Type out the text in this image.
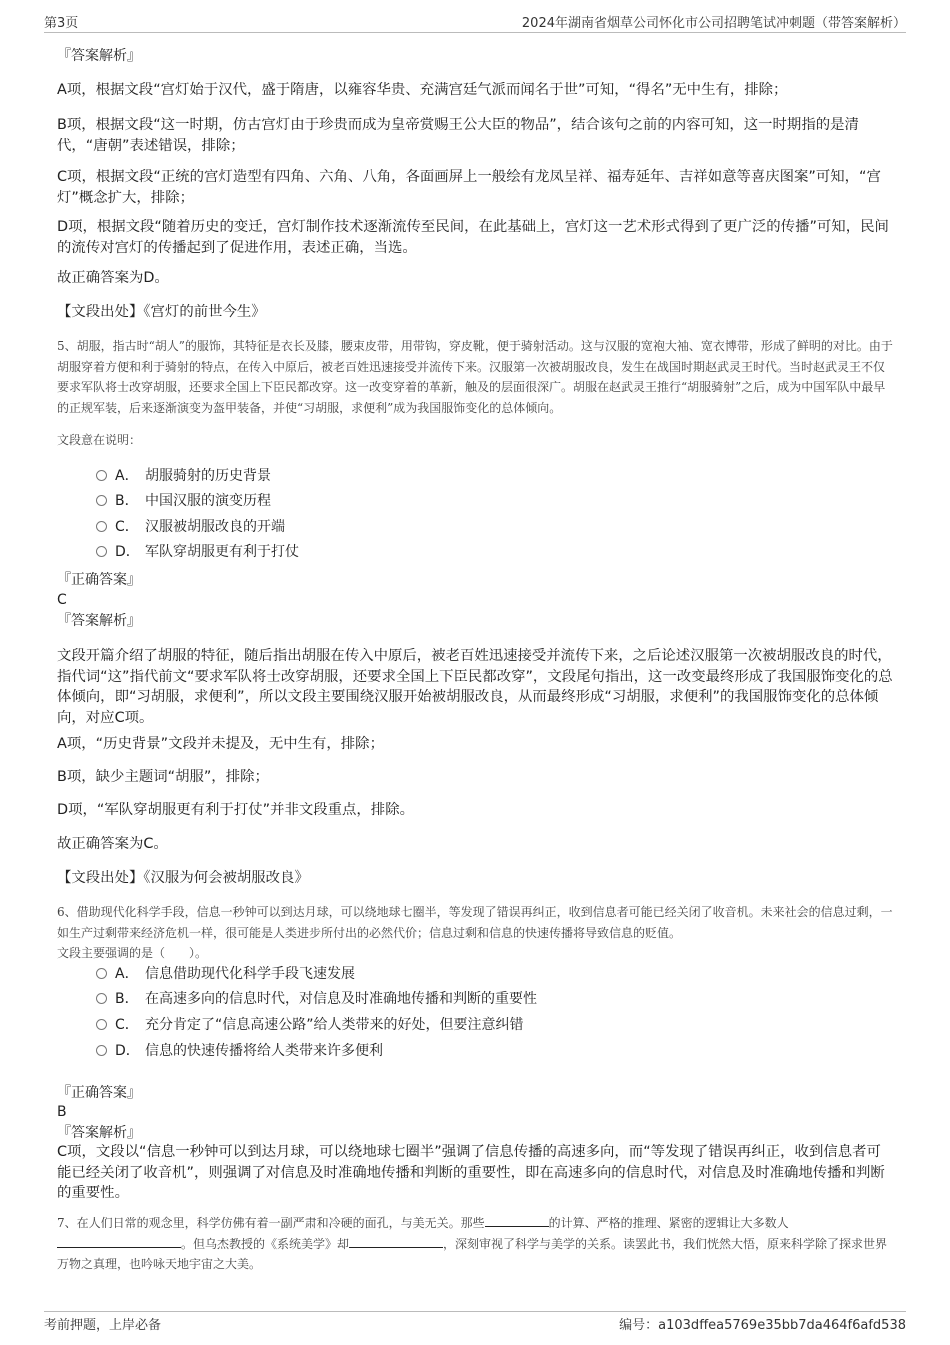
第3页	2024年湖南省烟草公司怀化市公司招聘笔试冲刺题（带答案解析）
『答案解析』
A项，根据文段“宫灯始于汉代，盛于隋唐，以雍容华贵、充满宫廷气派而闻名于世”可知，“得名”无中生有，排除；
B项，根据文段“这一时期，仿古宫灯由于珍贵而成为皇帝赏赐王公大臣的物品”，结合该句之前的内容可知，这一时期指的是清代，“唐朝”表述错误，排除；
C项，根据文段“正统的宫灯造型有四角、六角、八角，各面画屏上一般绘有龙凤呈祥、福寿延年、吉祥如意等喜庆图案”可知，“宫灯”概念扩大，排除；
D项，根据文段“随着历史的变迁，宫灯制作技术逐渐流传至民间，在此基础上，宫灯这一艺术形式得到了更广泛的传播”可知，民间的流传对宫灯的传播起到了促进作用，表述正确，当选。
故正确答案为D。
【文段出处】《宫灯的前世今生》
5、胡服，指古时“胡人”的服饰，其特征是衣长及膝，腰束皮带，用带钩，穿皮靴，便于骑射活动。这与汉服的宽袍大袖、宽衣博带，形成了鲜明的对比。由于胡服穿着方便和利于骑射的特点，在传入中原后，被老百姓迅速接受并流传下来。汉服第一次被胡服改良，发生在战国时期赵武灵王时代。当时赵武灵王不仅要求军队将士改穿胡服，还要求全国上下臣民都改穿。这一改变穿着的革新，触及的层面很深广。胡服在赵武灵王推行“胡服骑射”之后，成为中国军队中最早的正规军装，后来逐渐演变为盔甲装备，并使“习胡服，求便利”成为我国服饰变化的总体倾向。
文段意在说明：
A． 胡服骑射的历史背景
B． 中国汉服的演变历程
C． 汉服被胡服改良的开端
D． 军队穿胡服更有利于打仗
『正确答案』
C
『答案解析』
文段开篇介绍了胡服的特征，随后指出胡服在传入中原后，被老百姓迅速接受并流传下来，之后论述汉服第一次被胡服改良的时代，指代词“这”指代前文“要求军队将士改穿胡服，还要求全国上下臣民都改穿”，文段尾句指出，这一改变最终形成了我国服饰变化的总体倾向，即“习胡服，求便利”，所以文段主要围绕汉服开始被胡服改良，从而最终形成“习胡服，求便利”的我国服饰变化的总体倾向，对应C项。
A项，“历史背景”文段并未提及，无中生有，排除；
B项，缺少主题词“胡服”，排除；
D项，“军队穿胡服更有利于打仗”并非文段重点，排除。
故正确答案为C。
【文段出处】《汉服为何会被胡服改良》
6、借助现代化科学手段，信息一秒钟可以到达月球，可以绕地球七圈半，等发现了错误再纠正，收到信息者可能已经关闭了收音机。未来社会的信息过剩，一如生产过剩带来经济危机一样，很可能是人类进步所付出的必然代价；信息过剩和信息的快速传播将导致信息的贬值。
文段主要强调的是（　　）。
A． 信息借助现代化科学手段飞速发展
B． 在高速多向的信息时代，对信息及时准确地传播和判断的重要性
C． 充分肯定了“信息高速公路”给人类带来的好处，但要注意纠错
D． 信息的快速传播将给人类带来许多便利
『正确答案』
B
『答案解析』
C项，文段以“信息一秒钟可以到达月球，可以绕地球七圈半”强调了信息传播的高速多向，而“等发现了错误再纠正，收到信息者可能已经关闭了收音机”，则强调了对信息及时准确地传播和判断的重要性，即在高速多向的信息时代，对信息及时准确地传播和判断的重要性。
7、在人们日常的观念里，科学仿佛有着一副严肃和冷硬的面孔，与美无关。那些	的计算、严格的推理、紧密的逻辑让大多数人。但乌杰教授的《系统美学》却	，深刻审视了科学与美学的关系。读罢此书，我们恍然大悟，原来科学除了探求世界万物之真理，也吟咏天地宇宙之大美。
考前押题，上岸必备	编号：a103dffea5769e35bb7da464f6afd538
